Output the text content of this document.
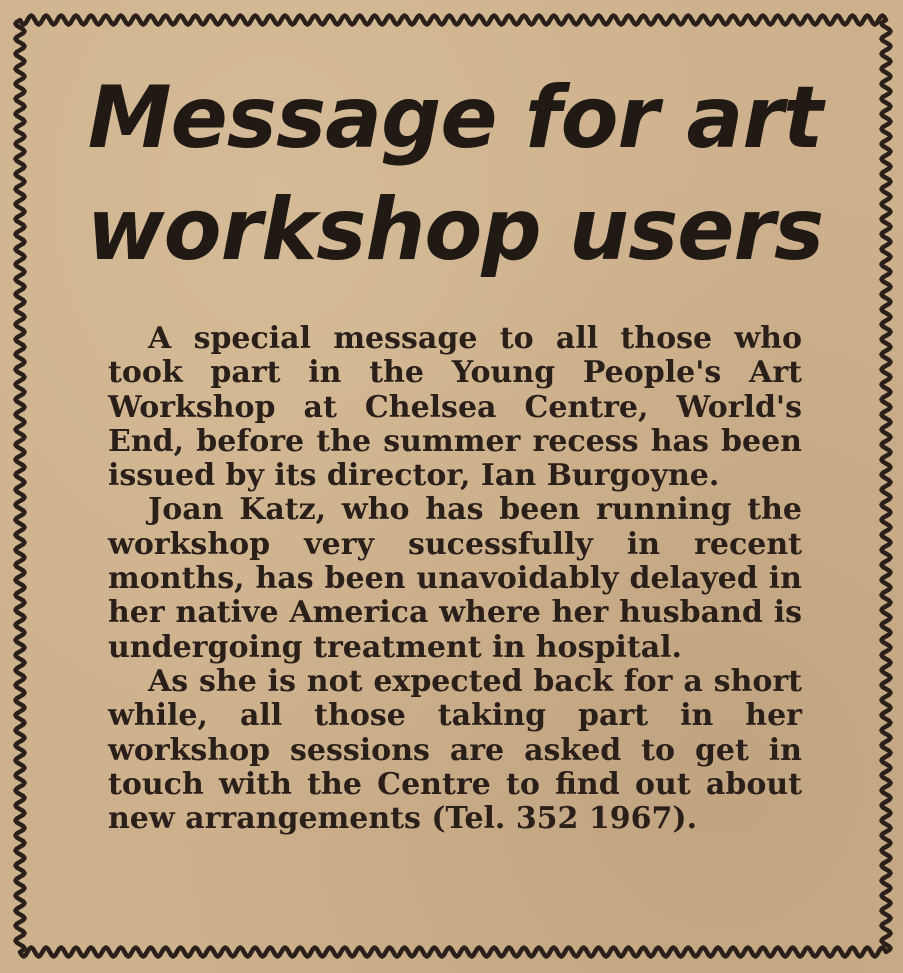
Message for art
workshop users

A special message to all those who took part in the Young People's Art Workshop at Chelsea Centre, World's End, before the summer recess has been issued by its director, Ian Burgoyne.

Joan Katz, who has been running the workshop very sucessfully in recent months, has been unavoidably delayed in her native America where her husband is undergoing treatment in hospital.

As she is not expected back for a short while, all those taking part in her workshop sessions are asked to get in touch with the Centre to find out about new arrangements (Tel. 352 1967).
